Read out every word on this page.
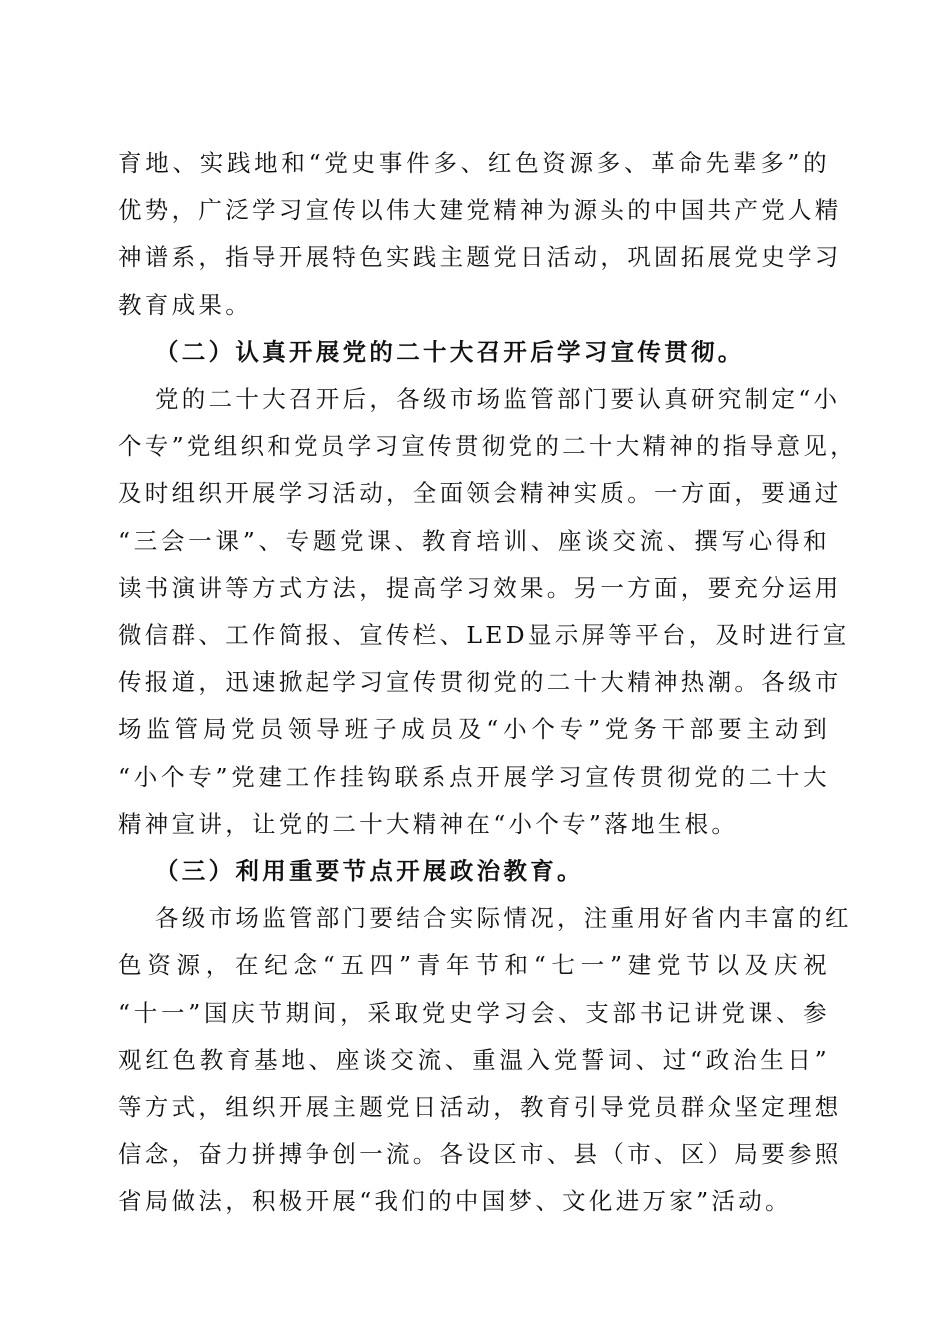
育地、实践地和“党史事件多、红色资源多、革命先辈多”的
优势，广泛学习宣传以伟大建党精神为源头的中国共产党人精
神谱系，指导开展特色实践主题党日活动，巩固拓展党史学习
教育成果。
（二）认真开展党的二十大召开后学习宣传贯彻。
党的二十大召开后，各级市场监管部门要认真研究制定“小
个专”党组织和党员学习宣传贯彻党的二十大精神的指导意见，
及时组织开展学习活动，全面领会精神实质。一方面，要通过
“三会一课”、专题党课、教育培训、座谈交流、撰写心得和
读书演讲等方式方法，提高学习效果。另一方面，要充分运用
微信群、工作简报、宣传栏、LED显示屏等平台，及时进行宣
传报道，迅速掀起学习宣传贯彻党的二十大精神热潮。各级市
场监管局党员领导班子成员及“小个专”党务干部要主动到
“小个专”党建工作挂钩联系点开展学习宣传贯彻党的二十大
精神宣讲，让党的二十大精神在“小个专”落地生根。
（三）利用重要节点开展政治教育。
各级市场监管部门要结合实际情况，注重用好省内丰富的红
色资源，在纪念“五四”青年节和“七一”建党节以及庆祝
“十一”国庆节期间，采取党史学习会、支部书记讲党课、参
观红色教育基地、座谈交流、重温入党誓词、过“政治生日”
等方式，组织开展主题党日活动，教育引导党员群众坚定理想
信念，奋力拼搏争创一流。各设区市、县（市、区）局要参照
省局做法，积极开展“我们的中国梦、文化进万家”活动。
